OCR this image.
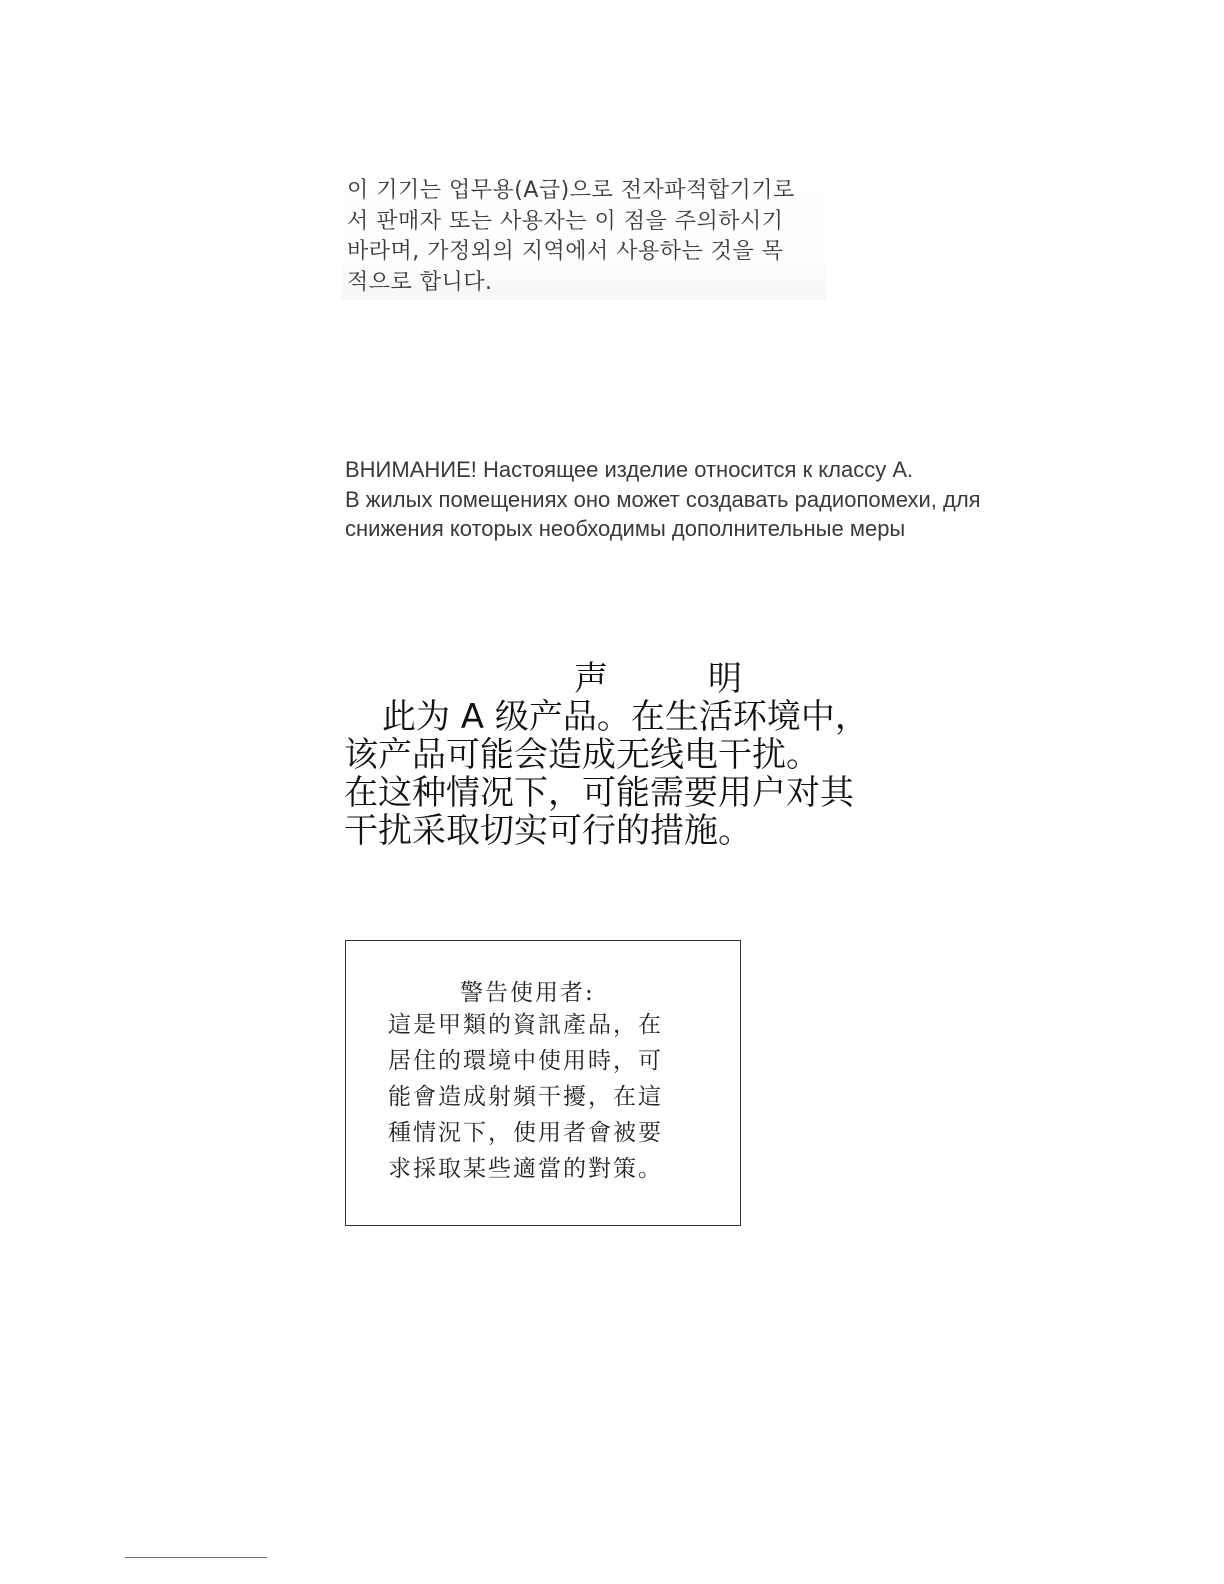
이 기기는 업무용(A급)으로 전자파적합기기로
서 판매자 또는 사용자는 이 점을 주의하시기
바라며, 가정외의 지역에서 사용하는 것을 목
적으로 합니다.
ВНИМАНИЕ! Настоящее изделие относится к классу А.
В жилых помещениях оно может создавать радиопомехи, для
снижения которых необходимы дополнительные меры
声	明
此为 A 级产品。在生活环境中，
该产品可能会造成无线电干扰。
在这种情况下，可能需要用户对其
干扰采取切实可行的措施。
警告使用者:
這是甲類的資訊產品，在
居住的環境中使用時，可
能會造成射頻干擾，在這
種情況下，使用者會被要
求採取某些適當的對策。
